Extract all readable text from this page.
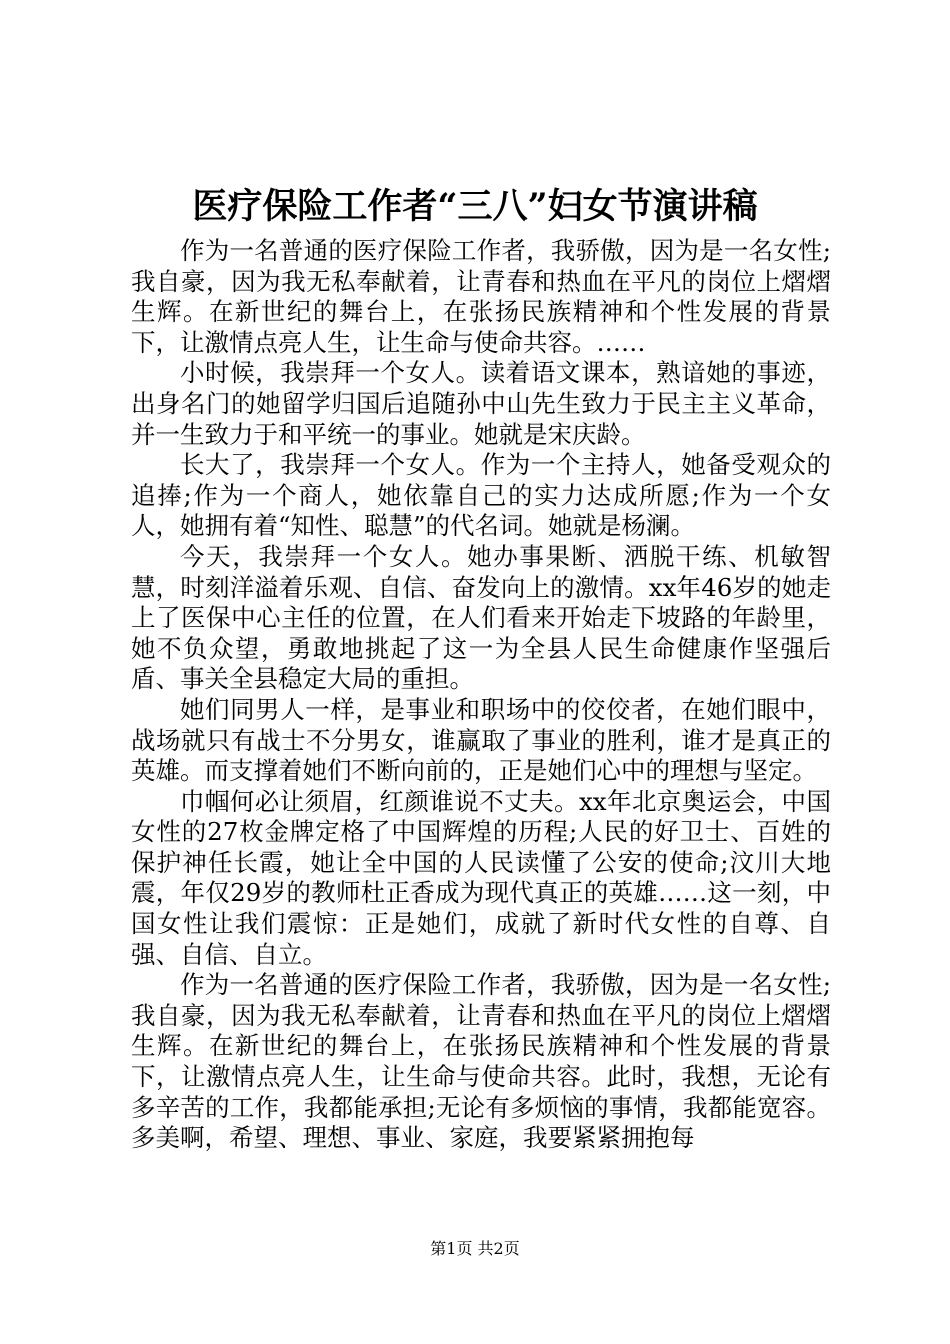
医疗保险工作者“三八”妇女节演讲稿

作为一名普通的医疗保险工作者，我骄傲，因为是一名女性;我自豪，因为我无私奉献着，让青春和热血在平凡的岗位上熠熠生辉。在新世纪的舞台上，在张扬民族精神和个性发展的背景下，让激情点亮人生，让生命与使命共容。……

小时候，我崇拜一个女人。读着语文课本，熟谙她的事迹，出身名门的她留学归国后追随孙中山先生致力于民主主义革命，并一生致力于和平统一的事业。她就是宋庆龄。

长大了，我崇拜一个女人。作为一个主持人，她备受观众的追捧;作为一个商人，她依靠自己的实力达成所愿;作为一个女人，她拥有着“知性、聪慧”的代名词。她就是杨澜。

今天，我崇拜一个女人。她办事果断、洒脱干练、机敏智慧，时刻洋溢着乐观、自信、奋发向上的激情。xx年46岁的她走上了医保中心主任的位置，在人们看来开始走下坡路的年龄里，她不负众望，勇敢地挑起了这一为全县人民生命健康作坚强后盾、事关全县稳定大局的重担。

她们同男人一样，是事业和职场中的佼佼者，在她们眼中，战场就只有战士不分男女，谁赢取了事业的胜利，谁才是真正的英雄。而支撑着她们不断向前的，正是她们心中的理想与坚定。

巾帼何必让须眉，红颜谁说不丈夫。xx年北京奥运会，中国女性的27枚金牌定格了中国辉煌的历程;人民的好卫士、百姓的保护神任长霞，她让全中国的人民读懂了公安的使命;汶川大地震，年仅29岁的教师杜正香成为现代真正的英雄……这一刻，中国女性让我们震惊：正是她们，成就了新时代女性的自尊、自强、自信、自立。

作为一名普通的医疗保险工作者，我骄傲，因为是一名女性;我自豪，因为我无私奉献着，让青春和热血在平凡的岗位上熠熠生辉。在新世纪的舞台上，在张扬民族精神和个性发展的背景下，让激情点亮人生，让生命与使命共容。此时，我想，无论有多辛苦的工作，我都能承担;无论有多烦恼的事情，我都能宽容。多美啊，希望、理想、事业、家庭，我要紧紧拥抱每

第1页 共2页
